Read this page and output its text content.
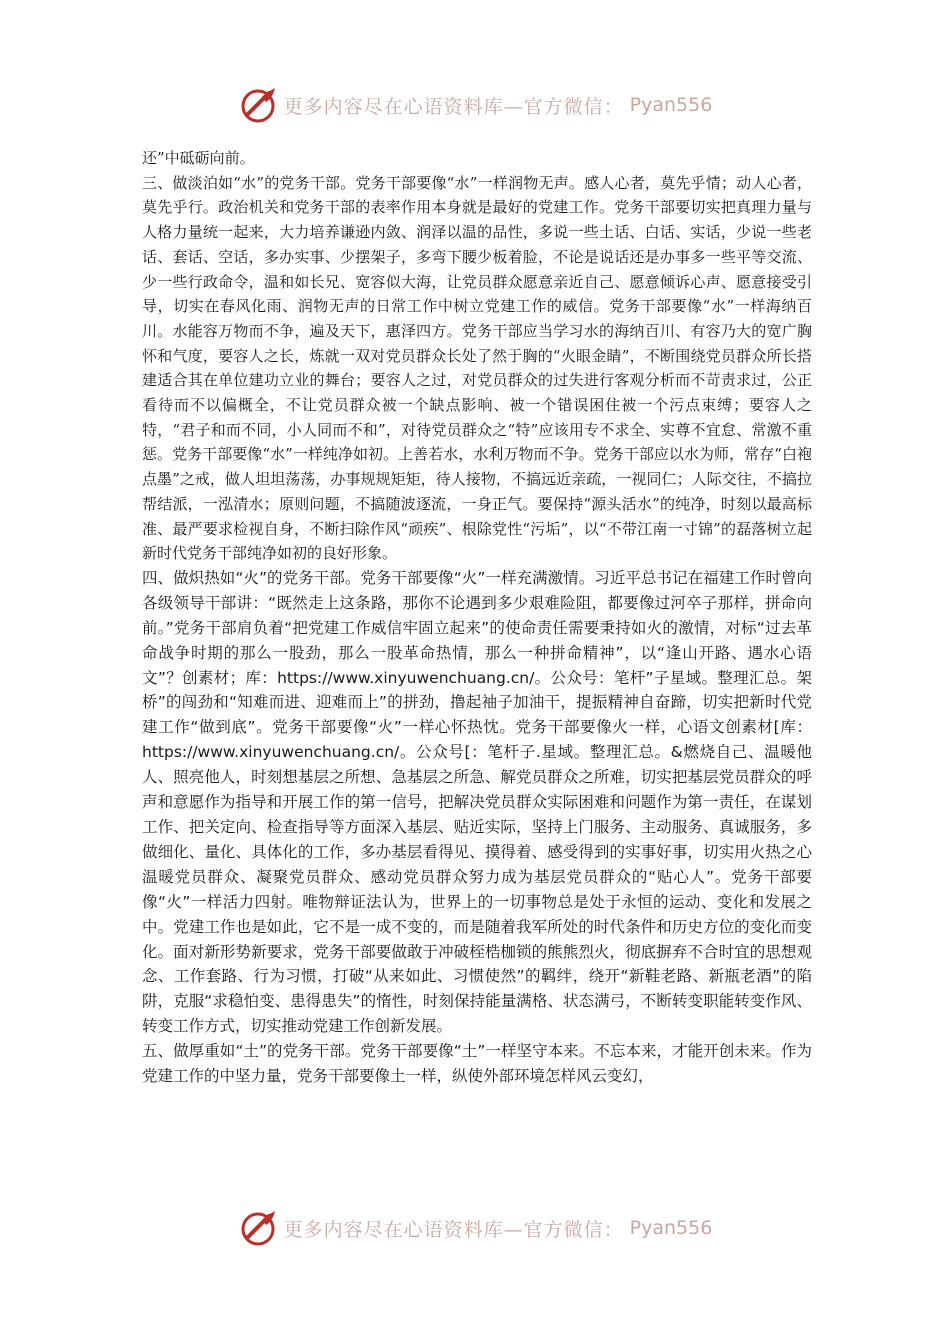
更多内容尽在心语资料库—官方微信： Pyan556

还”中砥砺向前。

三、做淡泊如“水”的党务干部。党务干部要像“水”一样润物无声。感人心者，莫先乎情；动人心者，莫先乎行。政治机关和党务干部的表率作用本身就是最好的党建工作。党务干部要切实把真理力量与人格力量统一起来，大力培养谦逊内敛、润泽以温的品性，多说一些土话、白话、实话，少说一些老话、套话、空话，多办实事、少摆架子，多弯下腰少板着脸，不论是说话还是办事多一些平等交流、少一些行政命令，温和如长兄、宽容似大海，让党员群众愿意亲近自己、愿意倾诉心声、愿意接受引导，切实在春风化雨、润物无声的日常工作中树立党建工作的威信。党务干部要像“水”一样海纳百川。水能容万物而不争，遍及天下，惠泽四方。党务干部应当学习水的海纳百川、有容乃大的宽广胸怀和气度，要容人之长，炼就一双对党员群众长处了然于胸的“火眼金睛”，不断围绕党员群众所长搭建适合其在单位建功立业的舞台；要容人之过，对党员群众的过失进行客观分析而不苛责求过，公正看待而不以偏概全，不让党员群众被一个缺点影响、被一个错误困住被一个污点束缚；要容人之特，“君子和而不同，小人同而不和”，对待党员群众之“特”应该用专不求全、实尊不宜怠、常激不重惩。党务干部要像“水”一样纯净如初。上善若水，水利万物而不争。党务干部应以水为师，常存“白袍点墨”之戒，做人坦坦荡荡，办事规规矩矩，待人接物，不搞远近亲疏，一视同仁；人际交往，不搞拉帮结派，一泓清水；原则问题，不搞随波逐流，一身正气。要保持“源头活水”的纯净，时刻以最高标准、最严要求检视自身，不断扫除作风“顽疾”、根除党性“污垢”，以“不带江南一寸锦”的磊落树立起新时代党务干部纯净如初的良好形象。

四、做炽热如“火”的党务干部。党务干部要像“火”一样充满激情。习近平总书记在福建工作时曾向各级领导干部讲：“既然走上这条路，那你不论遇到多少艰难险阻，都要像过河卒子那样，拼命向前。”党务干部肩负着“把党建工作威信牢固立起来”的使命责任需要秉持如火的激情，对标“过去革命战争时期的那么一股劲，那么一股革命热情，那么一种拼命精神”，以“逢山开路、遇水心语文”？创素材；库：https://www.xinyuwenchuang.cn/。公众号：笔杆”子星域。整理汇总。架桥”的闯劲和“知难而进、迎难而上”的拼劲，撸起袖子加油干，提振精神自奋蹄，切实把新时代党建工作“做到底”。党务干部要像“火”一样心怀热忱。党务干部要像火一样，心语文创素材[库：https://www.xinyuwenchuang.cn/。公众号[：笔杆子.星域。整理汇总。&燃烧自己、温暖他人、照亮他人，时刻想基层之所想、急基层之所急、解党员群众之所难，切实把基层党员群众的呼声和意愿作为指导和开展工作的第一信号，把解决党员群众实际困难和问题作为第一责任，在谋划工作、把关定向、检查指导等方面深入基层、贴近实际，坚持上门服务、主动服务、真诚服务，多做细化、量化、具体化的工作，多办基层看得见、摸得着、感受得到的实事好事，切实用火热之心温暖党员群众、凝聚党员群众、感动党员群众努力成为基层党员群众的“贴心人”。党务干部要像“火”一样活力四射。唯物辩证法认为，世界上的一切事物总是处于永恒的运动、变化和发展之中。党建工作也是如此，它不是一成不变的，而是随着我军所处的时代条件和历史方位的变化而变化。面对新形势新要求，党务干部要做敢于冲破桎梏枷锁的熊熊烈火，彻底摒弃不合时宜的思想观念、工作套路、行为习惯，打破“从来如此、习惯使然”的羁绊，绕开“新鞋老路、新瓶老酒”的陷阱，克服“求稳怕变、患得患失”的惰性，时刻保持能量满格、状态满弓，不断转变职能转变作风、转变工作方式，切实推动党建工作创新发展。

五、做厚重如“土”的党务干部。党务干部要像“土”一样坚守本来。不忘本来，才能开创未来。作为党建工作的中坚力量，党务干部要像土一样，纵使外部环境怎样风云变幻，

更多内容尽在心语资料库—官方微信： Pyan556
